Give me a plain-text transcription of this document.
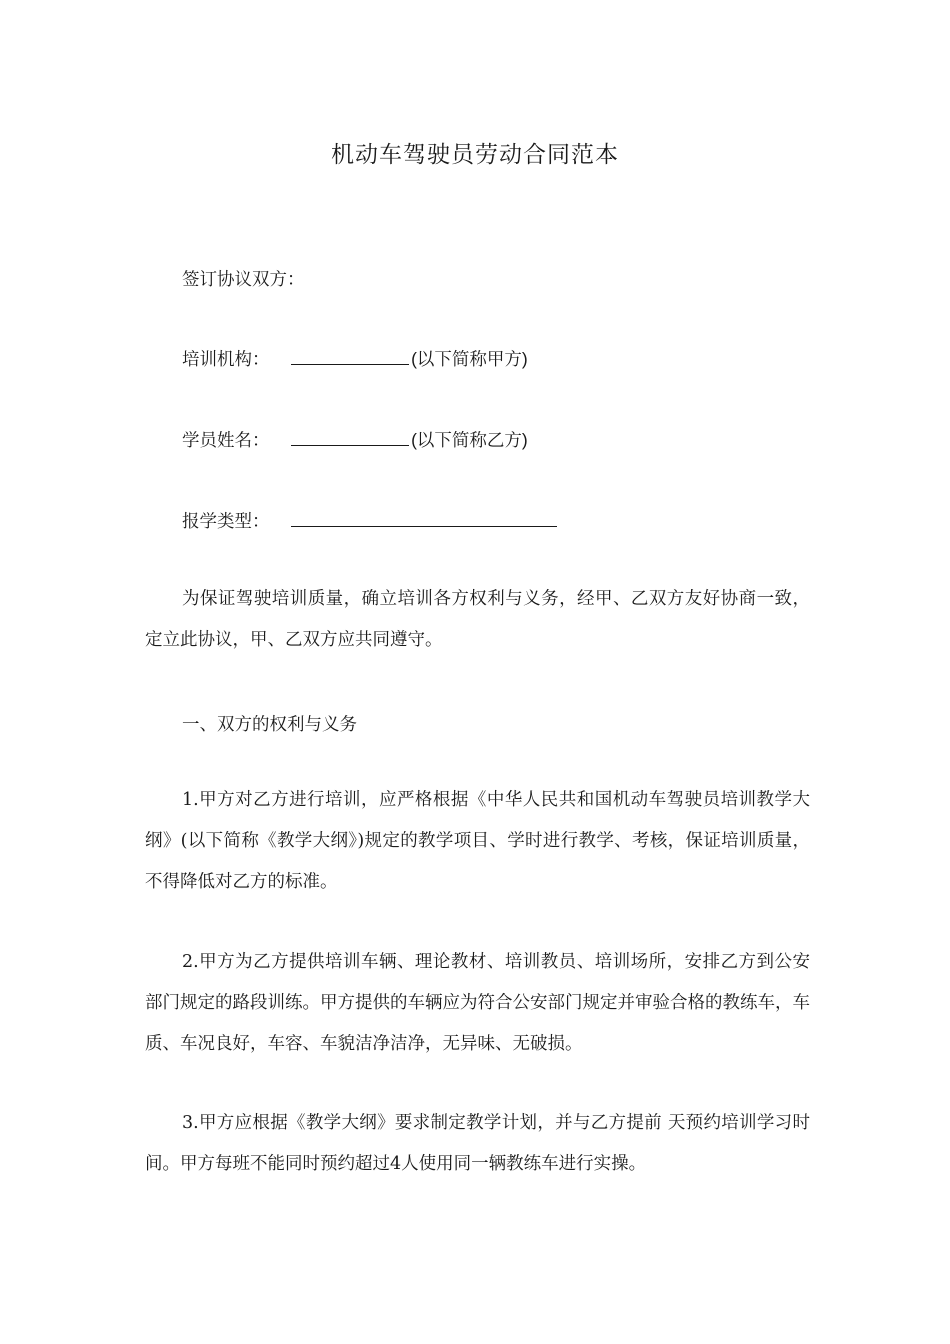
机动车驾驶员劳动合同范本
签订协议双方：
培训机构：	(以下简称甲方)
学员姓名：	(以下简称乙方)
报学类型：
为保证驾驶培训质量，确立培训各方权利与义务，经甲、乙双方友好协商一致，定立此协议，甲、乙双方应共同遵守。
一、双方的权利与义务
1.甲方对乙方进行培训，应严格根据《中华人民共和国机动车驾驶员培训教学大纲》(以下简称《教学大纲》)规定的教学项目、学时进行教学、考核，保证培训质量，不得降低对乙方的标准。
2.甲方为乙方提供培训车辆、理论教材、培训教员、培训场所，安排乙方到公安部门规定的路段训练。甲方提供的车辆应为符合公安部门规定并审验合格的教练车，车质、车况良好，车容、车貌洁净洁净，无异味、无破损。
3.甲方应根据《教学大纲》要求制定教学计划，并与乙方提前 天预约培训学习时间。甲方每班不能同时预约超过4人使用同一辆教练车进行实操。
